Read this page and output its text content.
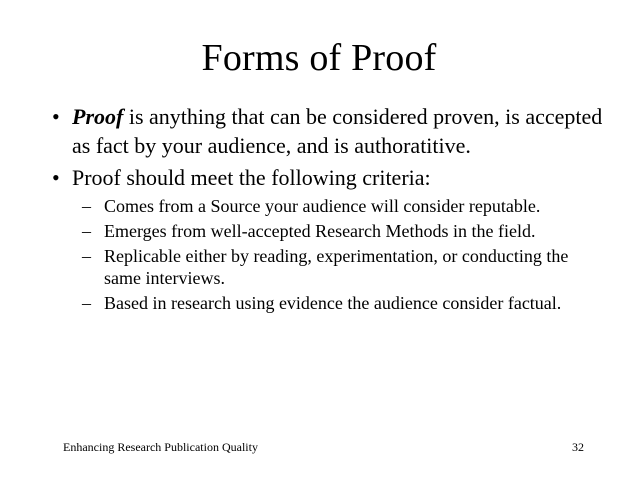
Forms of Proof
• Proof is anything that can be considered proven, is accepted as fact by your audience, and is authoratitive.
• Proof should meet the following criteria:
– Comes from a Source your audience will consider reputable.
– Emerges from well-accepted Research Methods in the field.
– Replicable either by reading, experimentation, or conducting the same interviews.
– Based in research using evidence the audience consider factual.
Enhancing Research Publication Quality	32
